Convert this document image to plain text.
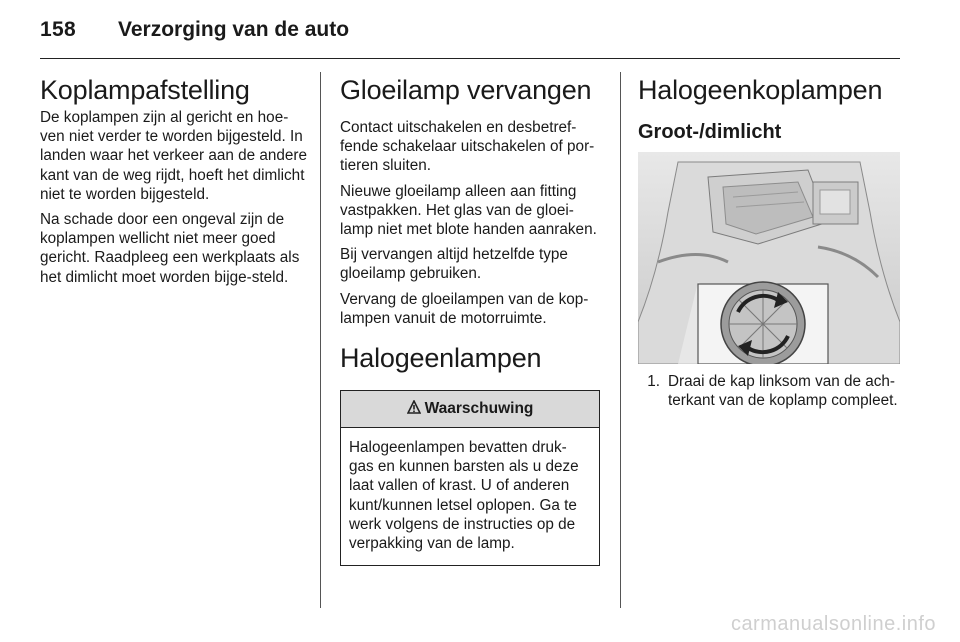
158 Verzorging van de auto
Koplampafstelling

De koplampen zijn al gericht en hoe-ven niet verder te worden bijgesteld. In landen waar het verkeer aan de andere kant van de weg rijdt, hoeft het dimlicht niet te worden bijgesteld.

Na schade door een ongeval zijn de koplampen wellicht niet meer goed gericht. Raadpleeg een werkplaats als het dimlicht moet worden bijge-steld.

Gloeilamp vervangen

Contact uitschakelen en desbetref-fende schakelaar uitschakelen of por-tieren sluiten.

Nieuwe gloeilamp alleen aan fitting vastpakken. Het glas van de gloei-lamp niet met blote handen aanraken.

Bij vervangen altijd hetzelfde type gloeilamp gebruiken.

Vervang de gloeilampen van de kop-lampen vanuit de motorruimte.

Halogeenlampen
Waarschuwing

Halogeenlampen bevatten druk-gas en kunnen barsten als u deze laat vallen of krast. U of anderen kunt/kunnen letsel oplopen. Ga te werk volgens de instructies op de verpakking van de lamp.

Halogeenkoplampen
Groot-/dimlicht
1. Draai de kap linksom van de ach-terkant van de koplamp compleet.
carmanualsonline.info
